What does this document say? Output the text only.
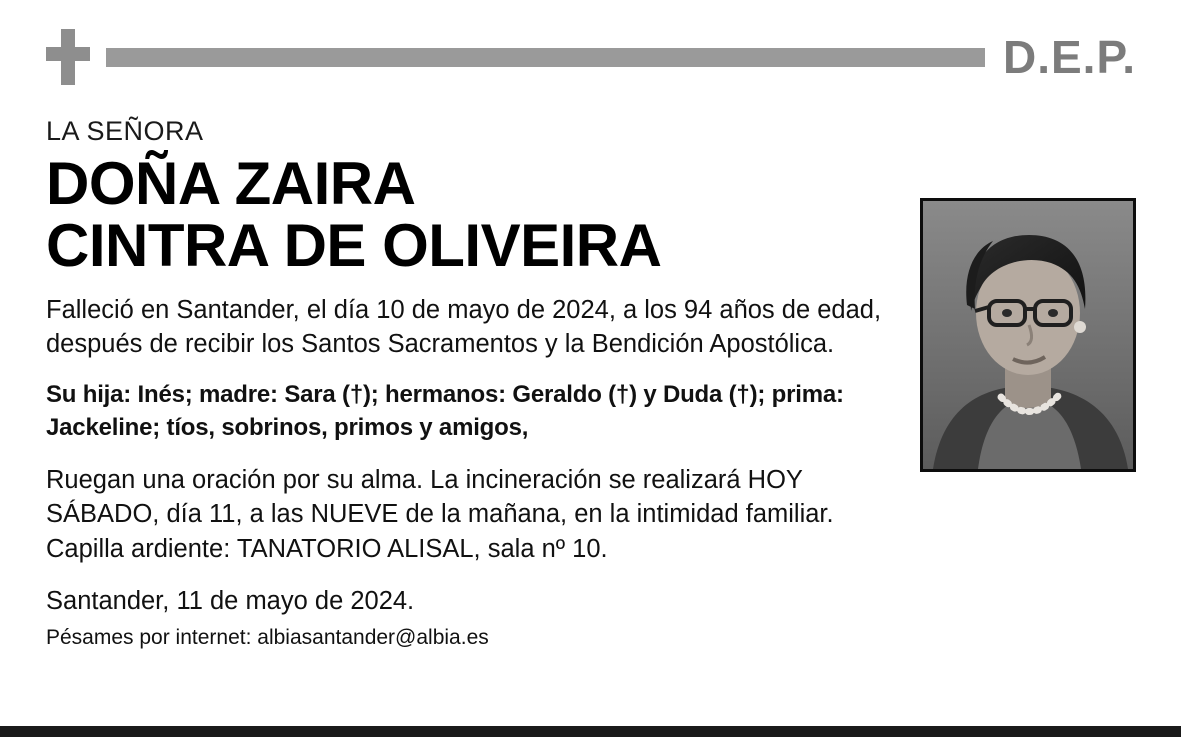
D.E.P.
LA SEÑORA
DOÑA ZAIRA
CINTRA DE OLIVEIRA

Falleció en Santander, el día 10 de mayo de 2024, a los 94 años de edad, después de recibir los Santos Sacramentos y la Bendición Apostólica.

Su hija: Inés; madre: Sara (†); hermanos: Geraldo (†) y Duda (†); prima: Jackeline; tíos, sobrinos, primos y amigos,

Ruegan una oración por su alma. La incineración se realizará HOY SÁBADO, día 11, a las NUEVE de la mañana, en la intimidad familiar. Capilla ardiente: TANATORIO ALISAL, sala nº 10.

Santander, 11 de mayo de 2024.

Pésames por internet: albiasantander@albia.es
